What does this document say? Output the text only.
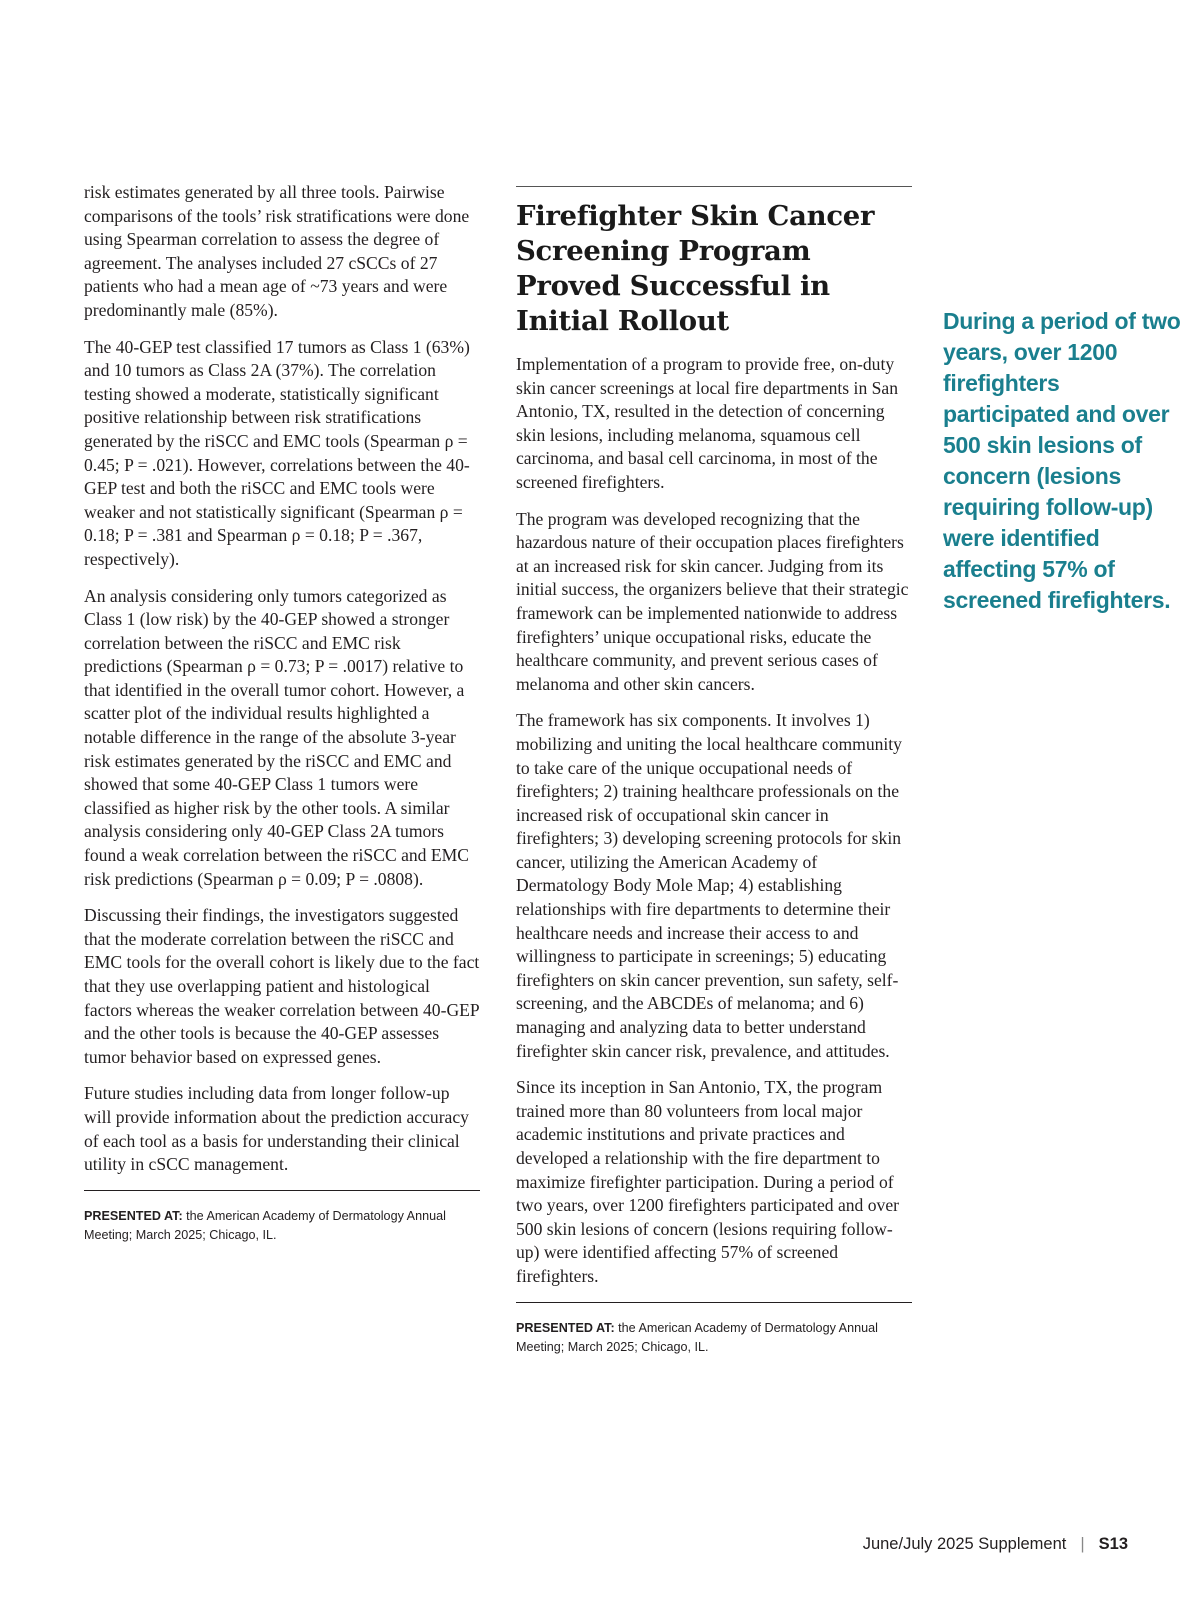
risk estimates generated by all three tools. Pairwise comparisons of the tools’ risk stratifications were done using Spearman correlation to assess the degree of agreement. The analyses included 27 cSCCs of 27 patients who had a mean age of ~73 years and were predominantly male (85%).

The 40-GEP test classified 17 tumors as Class 1 (63%) and 10 tumors as Class 2A (37%). The correlation testing showed a moderate, statistically significant positive relationship between risk stratifications generated by the riSCC and EMC tools (Spearman ρ = 0.45; P = .021). However, correlations between the 40-GEP test and both the riSCC and EMC tools were weaker and not statistically significant (Spearman ρ = 0.18; P = .381 and Spearman ρ = 0.18; P = .367, respectively).

An analysis considering only tumors categorized as Class 1 (low risk) by the 40-GEP showed a stronger correlation between the riSCC and EMC risk predictions (Spearman ρ = 0.73; P = .0017) relative to that identified in the overall tumor cohort. However, a scatter plot of the individual results highlighted a notable difference in the range of the absolute 3-year risk estimates generated by the riSCC and EMC and showed that some 40-GEP Class 1 tumors were classified as higher risk by the other tools. A similar analysis considering only 40-GEP Class 2A tumors found a weak correlation between the riSCC and EMC risk predictions (Spearman ρ = 0.09; P = .0808).

Discussing their findings, the investigators suggested that the moderate correlation between the riSCC and EMC tools for the overall cohort is likely due to the fact that they use overlapping patient and histological factors whereas the weaker correlation between 40-GEP and the other tools is because the 40-GEP assesses tumor behavior based on expressed genes.

Future studies including data from longer follow-up will provide information about the prediction accuracy of each tool as a basis for understanding their clinical utility in cSCC management.

PRESENTED AT: the American Academy of Dermatology Annual Meeting; March 2025; Chicago, IL.
Firefighter Skin Cancer Screening Program Proved Successful in Initial Rollout

Implementation of a program to provide free, on-duty skin cancer screenings at local fire departments in San Antonio, TX, resulted in the detection of concerning skin lesions, including melanoma, squamous cell carcinoma, and basal cell carcinoma, in most of the screened firefighters.

The program was developed recognizing that the hazardous nature of their occupation places firefighters at an increased risk for skin cancer. Judging from its initial success, the organizers believe that their strategic framework can be implemented nationwide to address firefighters’ unique occupational risks, educate the healthcare community, and prevent serious cases of melanoma and other skin cancers.

The framework has six components. It involves 1) mobilizing and uniting the local healthcare community to take care of the unique occupational needs of firefighters; 2) training healthcare professionals on the increased risk of occupational skin cancer in firefighters; 3) developing screening protocols for skin cancer, utilizing the American Academy of Dermatology Body Mole Map; 4) establishing relationships with fire departments to determine their healthcare needs and increase their access to and willingness to participate in screenings; 5) educating firefighters on skin cancer prevention, sun safety, self-screening, and the ABCDEs of melanoma; and 6) managing and analyzing data to better understand firefighter skin cancer risk, prevalence, and attitudes.

Since its inception in San Antonio, TX, the program trained more than 80 volunteers from local major academic institutions and private practices and developed a relationship with the fire department to maximize firefighter participation. During a period of two years, over 1200 firefighters participated and over 500 skin lesions of concern (lesions requiring follow-up) were identified affecting 57% of screened firefighters.

PRESENTED AT: the American Academy of Dermatology Annual Meeting; March 2025; Chicago, IL.
During a period of two years, over 1200 firefighters participated and over 500 skin lesions of concern (lesions requiring follow-up) were identified affecting 57% of screened firefighters.
June/July 2025 Supplement | S13
